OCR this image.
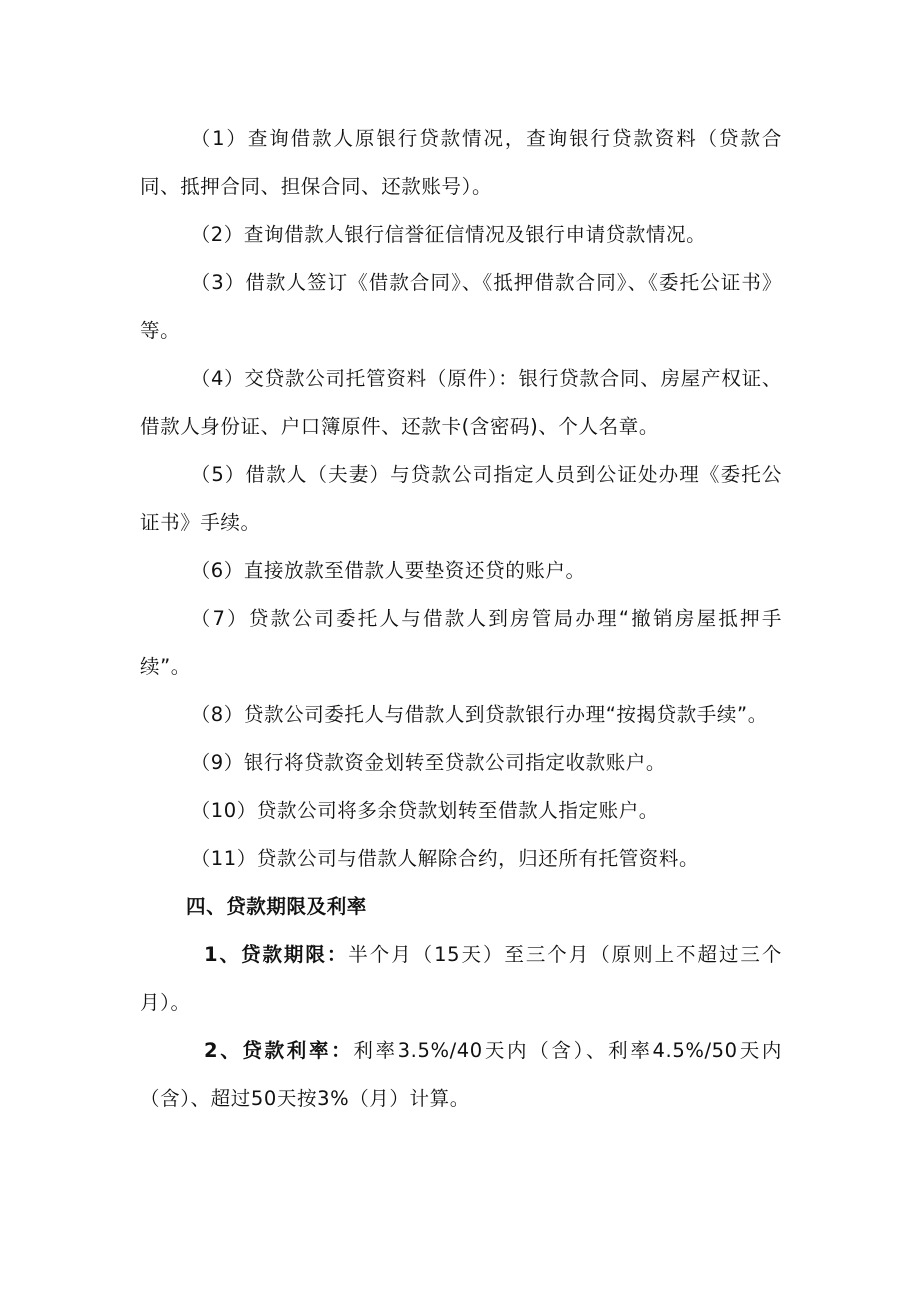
（1）查询借款人原银行贷款情况，查询银行贷款资料（贷款合同、抵押合同、担保合同、还款账号）。

（2）查询借款人银行信誉征信情况及银行申请贷款情况。

（3）借款人签订《借款合同》、《抵押借款合同》、《委托公证书》等。

（4）交贷款公司托管资料（原件）：银行贷款合同、房屋产权证、借款人身份证、户口簿原件、还款卡(含密码)、个人名章。

（5）借款人（夫妻）与贷款公司指定人员到公证处办理《委托公证书》手续。

（6）直接放款至借款人要垫资还贷的账户。

（7）贷款公司委托人与借款人到房管局办理“撤销房屋抵押手续”。

（8）贷款公司委托人与借款人到贷款银行办理“按揭贷款手续”。

（9）银行将贷款资金划转至贷款公司指定收款账户。

（10）贷款公司将多余贷款划转至借款人指定账户。

（11）贷款公司与借款人解除合约，归还所有托管资料。

四、贷款期限及利率

1、贷款期限：半个月（15天）至三个月（原则上不超过三个月）。

2、贷款利率：利率3.5%/40天内（含）、利率4.5%/50天内（含）、超过50天按3%（月）计算。
